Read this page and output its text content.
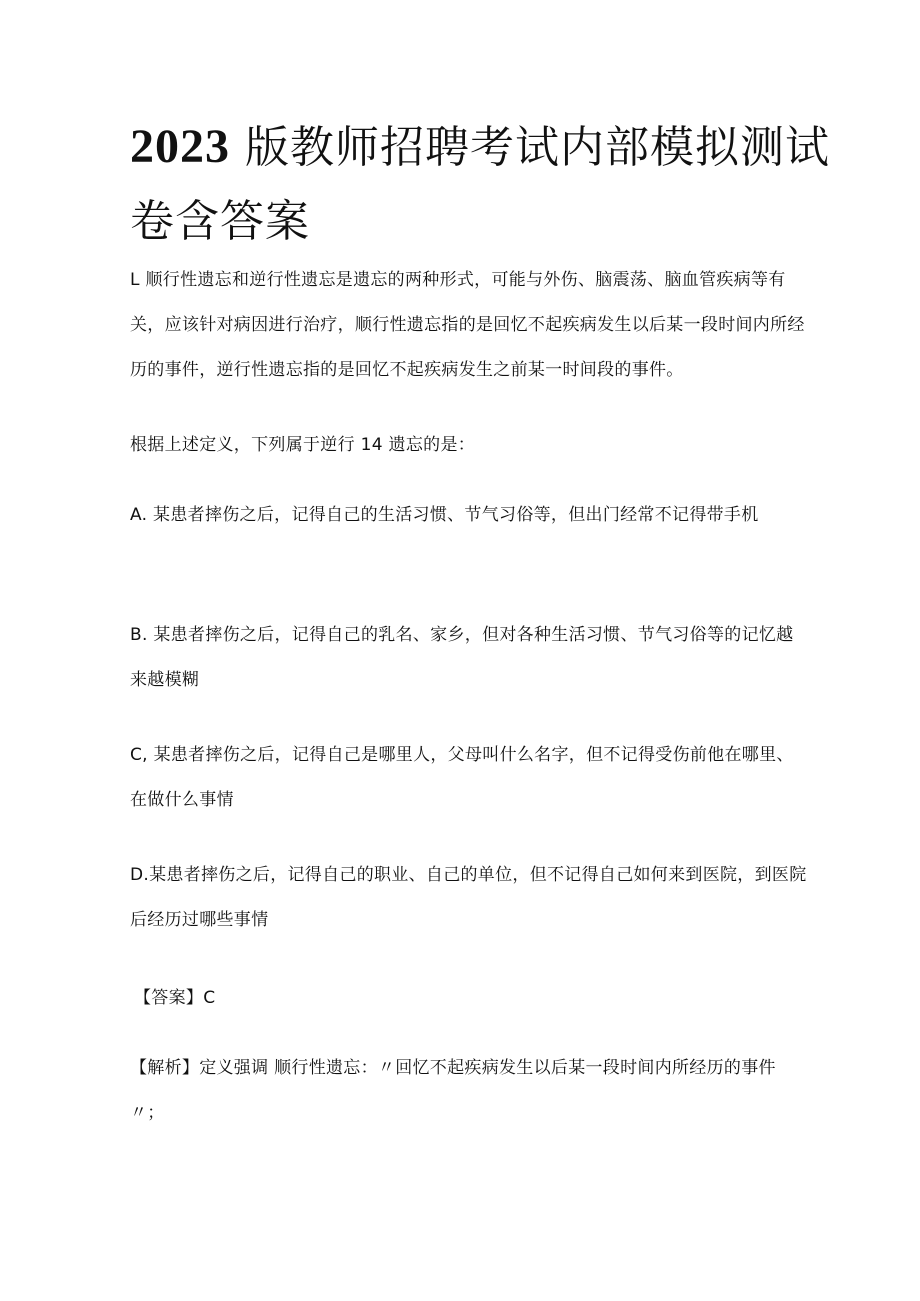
2023 版教师招聘考试内部模拟测试卷含答案

L 顺行性遗忘和逆行性遗忘是遗忘的两种形式，可能与外伤、脑震荡、脑血管疾病等有关，应该针对病因进行治疗，顺行性遗忘指的是回忆不起疾病发生以后某一段时间内所经历的事件，逆行性遗忘指的是回忆不起疾病发生之前某一时间段的事件。

根据上述定义，下列属于逆行 14 遗忘的是：

A. 某患者摔伤之后，记得自己的生活习惯、节气习俗等，但出门经常不记得带手机

B. 某患者摔伤之后，记得自己的乳名、家乡，但对各种生活习惯、节气习俗等的记忆越来越模糊

C, 某患者摔伤之后，记得自己是哪里人，父母叫什么名字，但不记得受伤前他在哪里、在做什么事情

D.某患者摔伤之后，记得自己的职业、自己的单位，但不记得自己如何来到医院，到医院后经历过哪些事情

【答案】C

【解析】定义强调 顺行性遗忘：〃回忆不起疾病发生以后某一段时间内所经历的事件〃；
